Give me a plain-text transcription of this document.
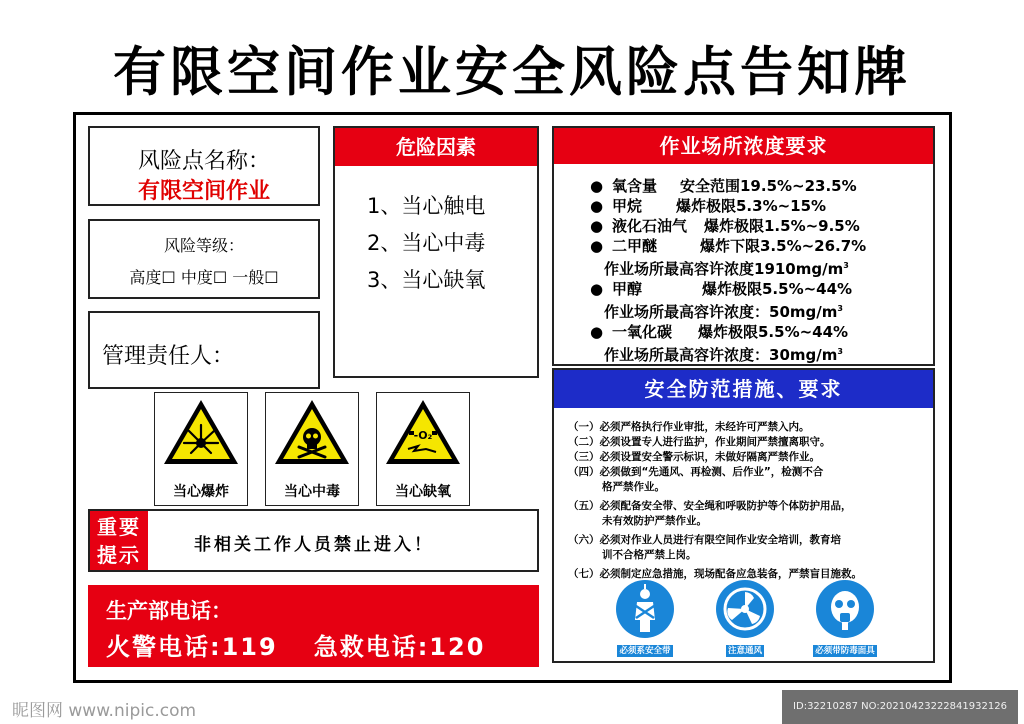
有限空间作业安全风险点告知牌
风险点名称：
有限空间作业
风险等级：
高度☐ 中度☐ 一般☐
管理责任人：
危险因素
1、当心触电
2、当心中毒
3、当心缺氧
作业场所浓度要求
● 氧含量	安全范围19.5%~23.5%
● 甲烷	爆炸极限5.3%~15%
● 液化石油气	爆炸极限1.5%~9.5%
● 二甲醚	爆炸下限3.5%~26.7%
作业场所最高容许浓度$1910mg/m^3$
● 甲醇	爆炸极限5.5%~44%
作业场所最高容许浓度：$50mg/m^3$
● 一氧化碳	爆炸极限5.5%~44%
作业场所最高容许浓度：$30mg/m^3$
当心爆炸	当心中毒
-O₂
当心缺氧
重要
提示	非相关工作人员禁止进入！
生产部电话：
火警电话:119 急救电话:120
安全防范措施、要求
（一）必须严格执行作业审批，未经许可严禁入内。
（二）必须设置专人进行监护，作业期间严禁擅离职守。
（三）必须设置安全警示标识，未做好隔离严禁作业。
（四）必须做到“先通风、再检测、后作业”，检测不合
格严禁作业。
（五）必须配备安全带、安全绳和呼吸防护等个体防护用品，
未有效防护严禁作业。
（六）必须对作业人员进行有限空间作业安全培训，教育培
训不合格严禁上岗。
（七）必须制定应急措施，现场配备应急装备，严禁盲目施救。
必须系安全带	注意通风	必须带防毒面具
昵图网 www.nipic.com	ID:32210287 NO:20210423222841932126
